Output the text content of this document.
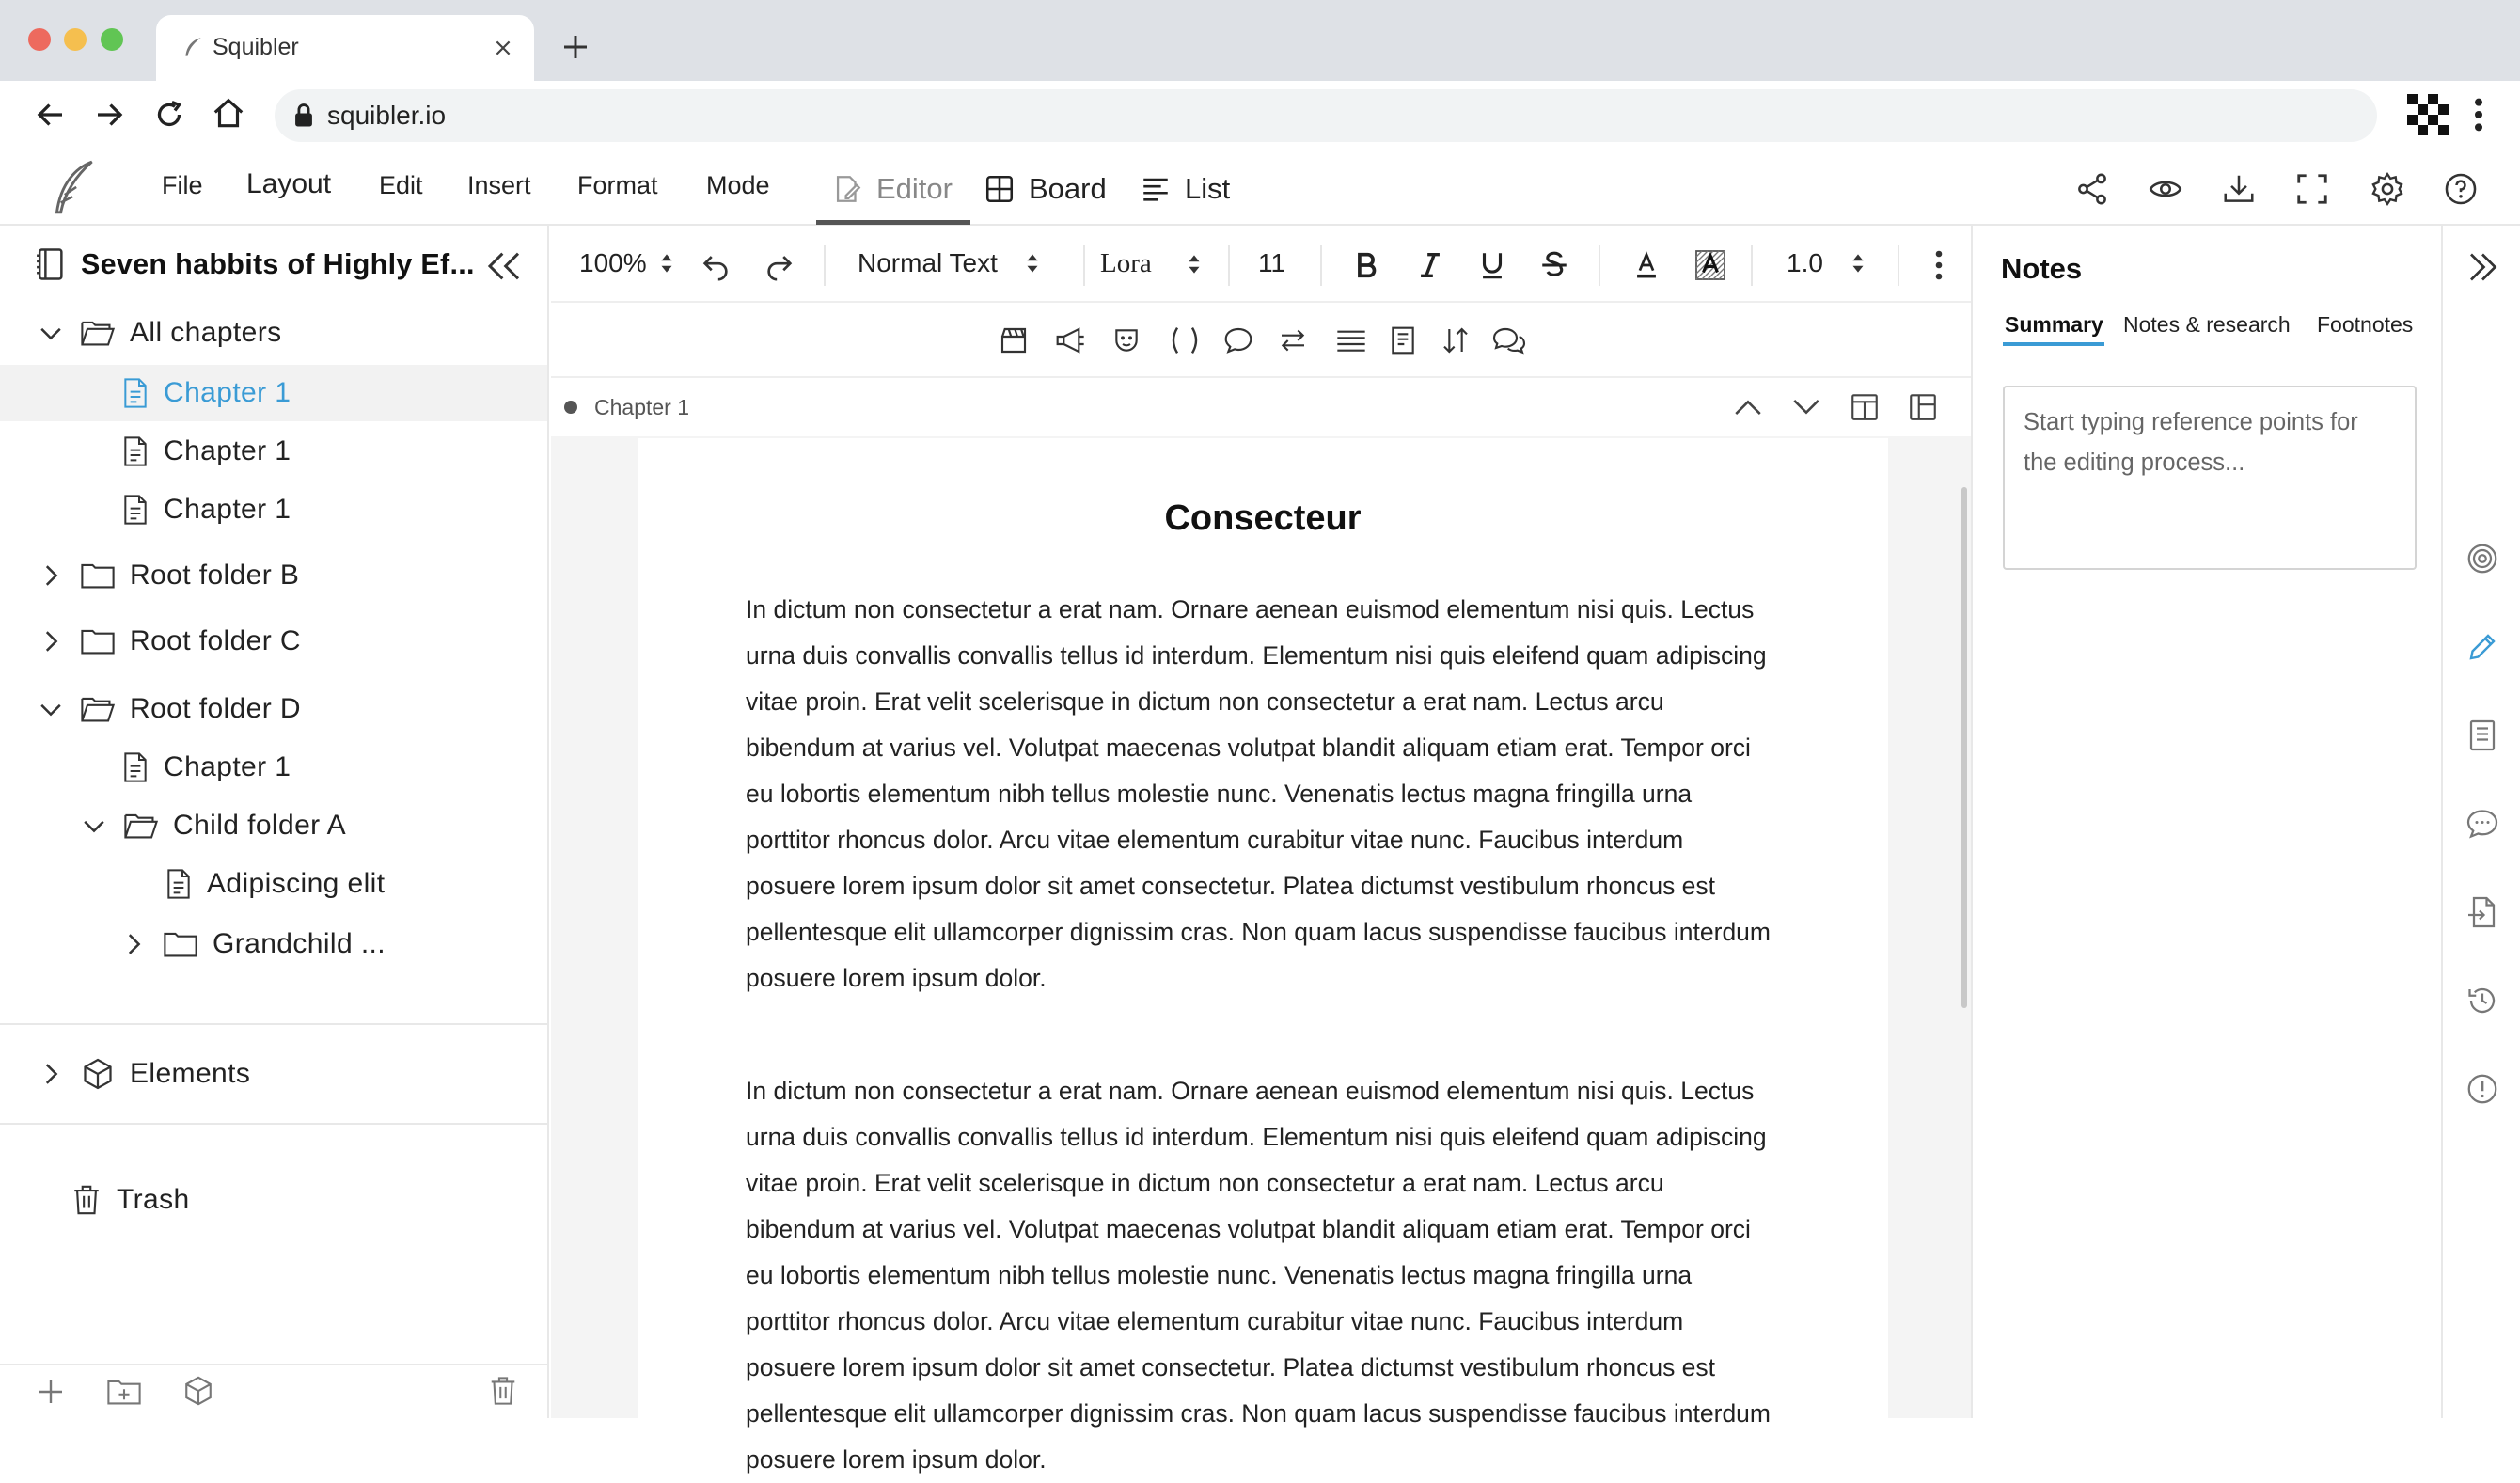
Squibler
squibler.io
File Layout Edit Insert Format Mode	Editor	Board	List
Seven habbits of Highly Ef...
All chapters
Chapter 1
Chapter 1
Chapter 1
Root folder B
Root folder C
Root folder D
Chapter 1
Child folder A
Adipiscing elit
Grandchild ...
Elements
Trash
100%	Normal Text	Lora	11	1.0
Chapter 1
Consecteur
In dictum non consectetur a erat nam. Ornare aenean euismod elementum nisi quis. Lectus urna duis convallis convallis tellus id interdum. Elementum nisi quis eleifend quam adipiscing vitae proin. Erat velit scelerisque in dictum non consectetur a erat nam. Lectus arcu bibendum at varius vel. Volutpat maecenas volutpat blandit aliquam etiam erat. Tempor orci eu lobortis elementum nibh tellus molestie nunc. Venenatis lectus magna fringilla urna porttitor rhoncus dolor. Arcu vitae elementum curabitur vitae nunc. Faucibus interdum posuere lorem ipsum dolor sit amet consectetur. Platea dictumst vestibulum rhoncus est pellentesque elit ullamcorper dignissim cras. Non quam lacus suspendisse faucibus interdum posuere lorem ipsum dolor.
In dictum non consectetur a erat nam. Ornare aenean euismod elementum nisi quis. Lectus urna duis convallis convallis tellus id interdum. Elementum nisi quis eleifend quam adipiscing vitae proin. Erat velit scelerisque in dictum non consectetur a erat nam. Lectus arcu bibendum at varius vel. Volutpat maecenas volutpat blandit aliquam etiam erat. Tempor orci eu lobortis elementum nibh tellus molestie nunc. Venenatis lectus magna fringilla urna porttitor rhoncus dolor. Arcu vitae elementum curabitur vitae nunc. Faucibus interdum posuere lorem ipsum dolor sit amet consectetur. Platea dictumst vestibulum rhoncus est pellentesque elit ullamcorper dignissim cras. Non quam lacus suspendisse faucibus interdum posuere lorem ipsum dolor.
Notes
Summary Notes & research Footnotes
Start typing reference points for the editing process...
